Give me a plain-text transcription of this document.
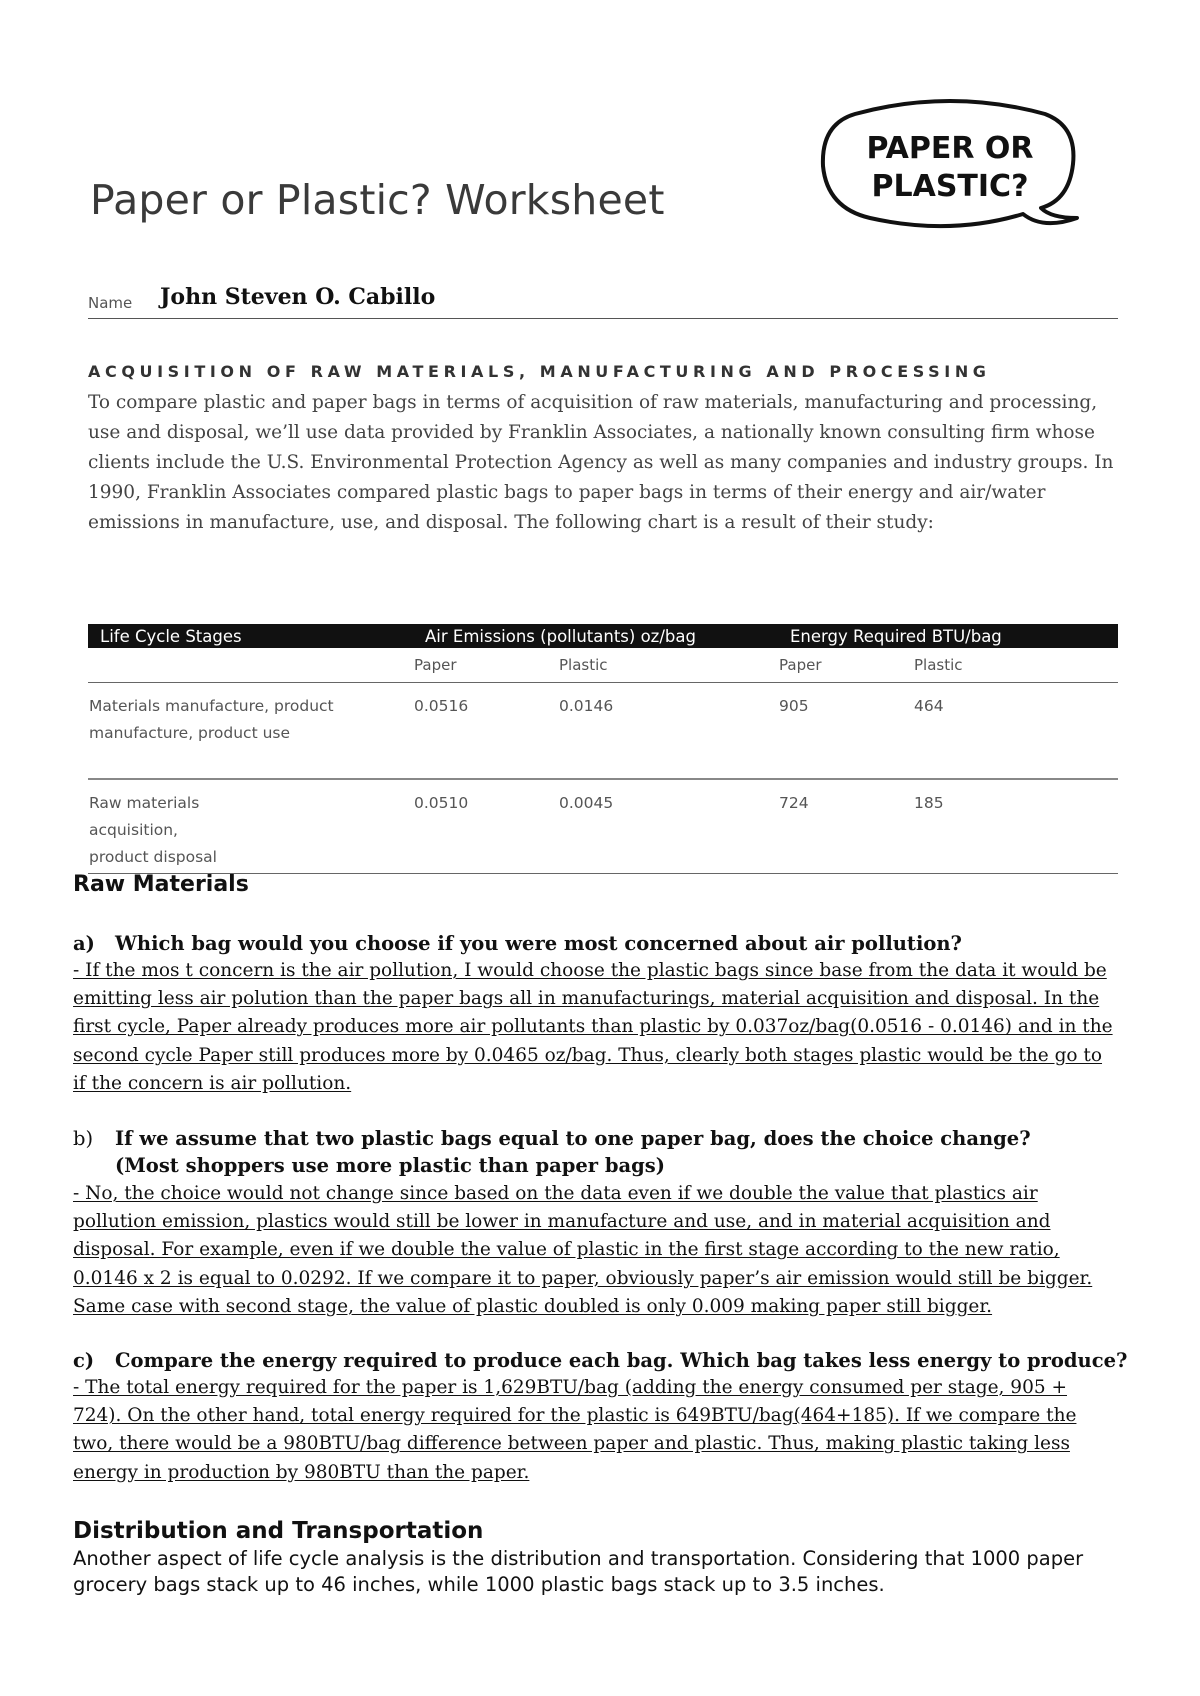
Paper or Plastic? Worksheet
PAPER OR
PLASTIC?
Name John Steven O. Cabillo
ACQUISITION OF RAW MATERIALS, MANUFACTURING AND PROCESSING
To compare plastic and paper bags in terms of acquisition of raw materials, manufacturing and processing, use and disposal, we’ll use data provided by Franklin Associates, a nationally known consulting firm whose clients include the U.S. Environmental Protection Agency as well as many companies and industry groups. In 1990, Franklin Associates compared plastic bags to paper bags in terms of their energy and air/water emissions in manufacture, use, and disposal. The following chart is a result of their study:
Life Cycle Stages	Air Emissions (pollutants) oz/bag		Energy Required BTU/bag	
	Paper	Plastic	Paper	Plastic

Materials manufacture, product manufacture, product use	0.0516	0.0146	905	464

Raw materials acquisition, product disposal	0.0510	0.0045	724	185
Raw Materials
a) Which bag would you choose if you were most concerned about air pollution?
- If the mos t concern is the air pollution, I would choose the plastic bags since base from the data it would be emitting less air polution than the paper bags all in manufacturings, material acquisition and disposal. In the first cycle, Paper already produces more air pollutants than plastic by 0.037oz/bag(0.0516 - 0.0146) and in the second cycle Paper still produces more by 0.0465 oz/bag. Thus, clearly both stages plastic would be the go to if the concern is air pollution.
b) If we assume that two plastic bags equal to one paper bag, does the choice change? (Most shoppers use more plastic than paper bags)
- No, the choice would not change since based on the data even if we double the value that plastics air pollution emission, plastics would still be lower in manufacture and use, and in material acquisition and disposal. For example, even if we double the value of plastic in the first stage according to the new ratio, 0.0146 x 2 is equal to 0.0292. If we compare it to paper, obviously paper’s air emission would still be bigger. Same case with second stage, the value of plastic doubled is only 0.009 making paper still bigger.
c) Compare the energy required to produce each bag. Which bag takes less energy to produce?
- The total energy required for the paper is 1,629BTU/bag (adding the energy consumed per stage, 905 + 724). On the other hand, total energy required for the plastic is 649BTU/bag(464+185). If we compare the two, there would be a 980BTU/bag difference between paper and plastic. Thus, making plastic taking less energy in production by 980BTU than the paper.
Distribution and Transportation
Another aspect of life cycle analysis is the distribution and transportation. Considering that 1000 paper grocery bags stack up to 46 inches, while 1000 plastic bags stack up to 3.5 inches.
